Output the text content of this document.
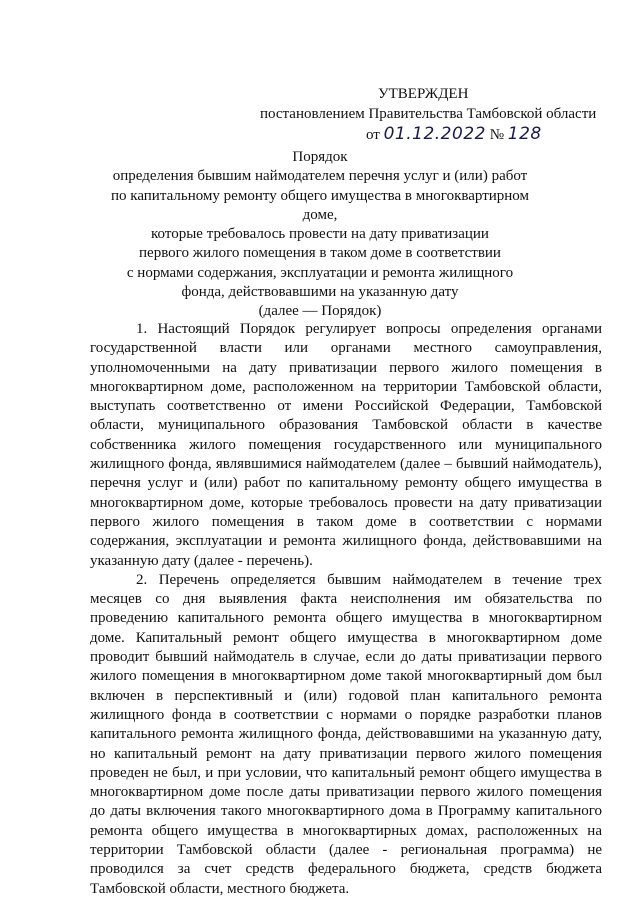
УТВЕРЖДЕН
постановлением Правительства Тамбовской области
от 01.12.2022 № 128
Порядок
определения бывшим наймодателем перечня услуг и (или) работ
по капитальному ремонту общего имущества в многоквартирном доме,
которые требовалось провести на дату приватизации
первого жилого помещения в таком доме в соответствии
с нормами содержания, эксплуатации и ремонта жилищного
фонда, действовавшими на указанную дату
(далее — Порядок)

1. Настоящий Порядок регулирует вопросы определения органами государственной власти или органами местного самоуправления, уполномоченными на дату приватизации первого жилого помещения в многоквартирном доме, расположенном на территории Тамбовской области, выступать соответственно от имени Российской Федерации, Тамбовской области, муниципального образования Тамбовской области в качестве собственника жилого помещения государственного или муниципального жилищного фонда, являвшимися наймодателем (далее – бывший наймодатель), перечня услуг и (или) работ по капитальному ремонту общего имущества в многоквартирном доме, которые требовалось провести на дату приватизации первого жилого помещения в таком доме в соответствии с нормами содержания, эксплуатации и ремонта жилищного фонда, действовавшими на указанную дату (далее - перечень).

2. Перечень определяется бывшим наймодателем в течение трех месяцев со дня выявления факта неисполнения им обязательства по проведению капитального ремонта общего имущества в многоквартирном доме. Капитальный ремонт общего имущества в многоквартирном доме проводит бывший наймодатель в случае, если до даты приватизации первого жилого помещения в многоквартирном доме такой многоквартирный дом был включен в перспективный и (или) годовой план капитального ремонта жилищного фонда в соответствии с нормами о порядке разработки планов капитального ремонта жилищного фонда, действовавшими на указанную дату, но капитальный ремонт на дату приватизации первого жилого помещения проведен не был, и при условии, что капитальный ремонт общего имущества в многоквартирном доме после даты приватизации первого жилого помещения до даты включения такого многоквартирного дома в Программу капитального ремонта общего имущества в многоквартирных домах, расположенных на территории Тамбовской области (далее - региональная программа) не проводился за счет средств федерального бюджета, средств бюджета Тамбовской области, местного бюджета.
